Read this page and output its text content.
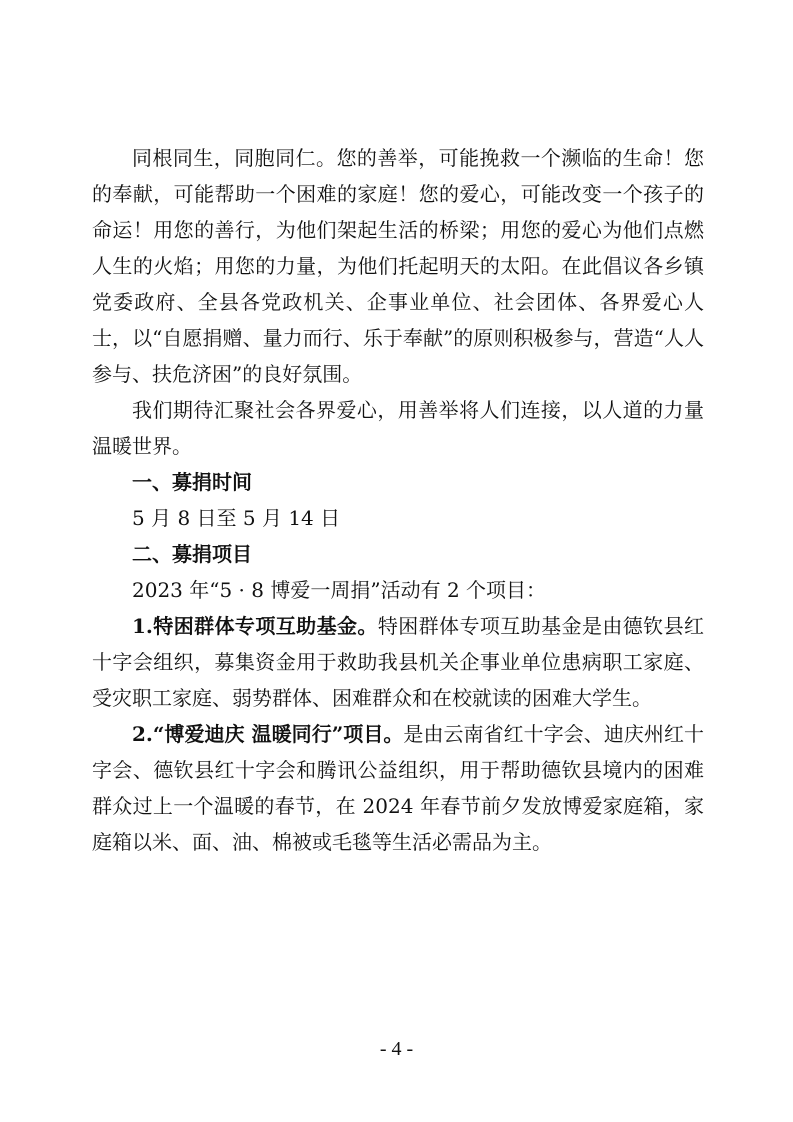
同根同生，同胞同仁。您的善举，可能挽救一个濒临的生命！您的奉献，可能帮助一个困难的家庭！您的爱心，可能改变一个孩子的命运！用您的善行，为他们架起生活的桥梁；用您的爱心为他们点燃人生的火焰；用您的力量，为他们托起明天的太阳。在此倡议各乡镇党委政府、全县各党政机关、企事业单位、社会团体、各界爱心人士，以“自愿捐赠、量力而行、乐于奉献”的原则积极参与，营造“人人参与、扶危济困”的良好氛围。

我们期待汇聚社会各界爱心，用善举将人们连接，以人道的力量温暖世界。

一、募捐时间

5 月 8 日至 5 月 14 日

二、募捐项目

2023 年“5 · 8 博爱一周捐”活动有 2 个项目：

1.特困群体专项互助基金。特困群体专项互助基金是由德钦县红十字会组织，募集资金用于救助我县机关企事业单位患病职工家庭、受灾职工家庭、弱势群体、困难群众和在校就读的困难大学生。

2.“博爱迪庆 温暖同行”项目。是由云南省红十字会、迪庆州红十字会、德钦县红十字会和腾讯公益组织，用于帮助德钦县境内的困难群众过上一个温暖的春节，在 2024 年春节前夕发放博爱家庭箱，家庭箱以米、面、油、棉被或毛毯等生活必需品为主。

- 4 -
